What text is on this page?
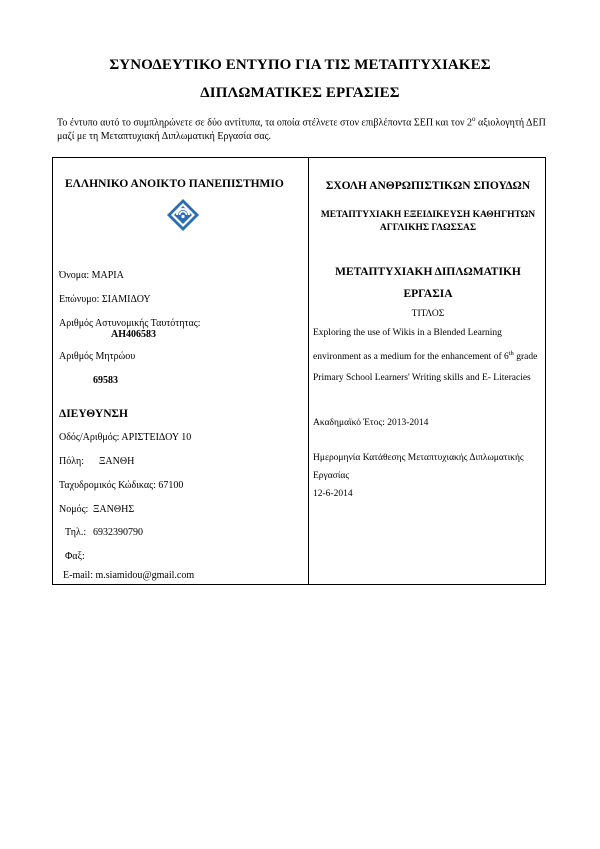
ΣΥΝΟΔΕΥΤΙΚΟ ΕΝΤΥΠΟ ΓΙΑ ΤΙΣ ΜΕΤΑΠΤΥΧΙΑΚΕΣ
ΔΙΠΛΩΜΑΤΙΚΕΣ ΕΡΓΑΣΙΕΣ
Το έντυπο αυτό το συμπληρώνετε σε δύο αντίτυπα, τα οποία στέλνετε στον επιβλέποντα ΣΕΠ και τον $2^o$ αξιολογητή ΔΕΠ μαζί με τη Μεταπτυχιακή Διπλωματική Εργασία σας.
ΕΛΛΗΝΙΚΟ ΑΝΟΙΚΤΟ ΠΑΝΕΠΙΣΤΗΜΙΟ
Όνομα: ΜΑΡΙΑ
Επώνυμο: ΣΙΑΜΙΔΟΥ
Αριθμός Αστυνομικής Ταυτότητας:
ΑΗ406583
Αριθμός Μητρώου
69583
ΔΙΕΥΘΥΝΣΗ
Οδός/Αριθμός: ΑΡΙΣΤΕΙΔΟΥ 10
Πόλη: ΞΑΝΘΗ
Ταχυδρομικός Κώδικας: 67100
Νομός: ΞΑΝΘΗΣ
Τηλ.: 6932390790
Φαξ:
E-mail: m.siamidou@gmail.com
ΣΧΟΛΗ ΑΝΘΡΩΠΙΣΤΙΚΩΝ ΣΠΟΥΔΩΝ
ΜΕΤΑΠΤΥΧΙΑΚΗ ΕΞΕΙΔΙΚΕΥΣΗ ΚΑΘΗΓΗΤΩΝ
ΑΓΓΛΙΚΗΣ ΓΛΩΣΣΑΣ
ΜΕΤΑΠΤΥΧΙΑΚΗ ΔΙΠΛΩΜΑΤΙΚΗ
ΕΡΓΑΣΙΑ
ΤΙΤΛΟΣ
Exploring the use of Wikis in a Blended Learning
environment as a medium for the enhancement of 6th grade
Primary School Learners' Writing skills and E- Literacies
Ακαδημαϊκό Έτος: 2013-2014
Ημερομηνία Κατάθεσης Μεταπτυχιακής Διπλωματικής
Εργασίας
12-6-2014
